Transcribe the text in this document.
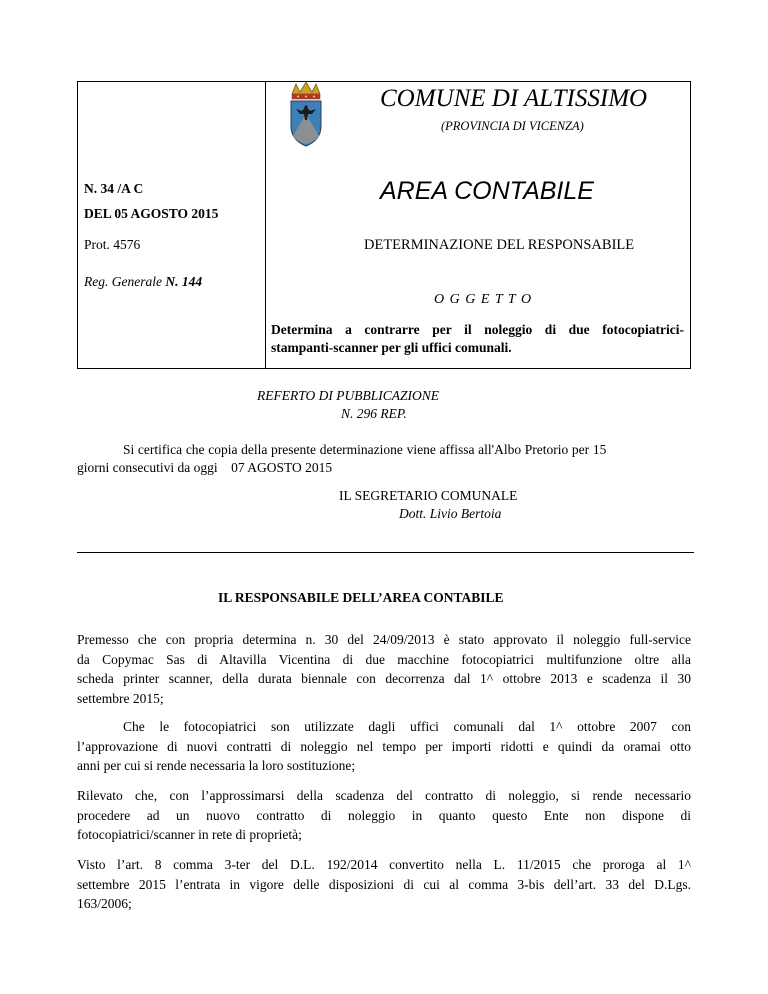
COMUNE DI ALTISSIMO
(PROVINCIA DI VICENZA)
AREA CONTABILE
DETERMINAZIONE DEL RESPONSABILE
O G G E T T O
Determina a contrarre per il noleggio di due fotocopiatrici-
stampanti-scanner per gli uffici comunali.
N. 34 /A C
DEL 05 AGOSTO 2015
Prot. 4576
Reg. Generale N. 144
REFERTO DI PUBBLICAZIONE
N. 296 REP.
Si certifica che copia della presente determinazione viene affissa all'Albo Pretorio per 15
giorni consecutivi da oggi    07 AGOSTO 2015
IL SEGRETARIO COMUNALE
Dott. Livio Bertoia
IL RESPONSABILE DELL’AREA CONTABILE
Premesso che con propria determina n. 30 del 24/09/2013 è stato approvato il noleggio full-service
da Copymac Sas di Altavilla Vicentina di due macchine fotocopiatrici multifunzione oltre alla
scheda printer scanner, della durata biennale con decorrenza dal 1^ ottobre 2013 e scadenza il 30
settembre 2015;
Che le fotocopiatrici son utilizzate dagli uffici comunali dal 1^ ottobre 2007 con
l’approvazione di nuovi contratti di noleggio nel tempo per importi ridotti e quindi da oramai otto
anni per cui si rende necessaria la loro sostituzione;
Rilevato che, con l’approssimarsi della scadenza del contratto di noleggio, si rende necessario
procedere ad un nuovo contratto di noleggio in quanto questo Ente non dispone di
fotocopiatrici/scanner in rete di proprietà;
Visto l’art. 8 comma 3-ter del D.L. 192/2014 convertito nella L. 11/2015 che proroga al 1^
settembre 2015 l’entrata in vigore delle disposizioni di cui al comma 3-bis dell’art. 33 del D.Lgs.
163/2006;
